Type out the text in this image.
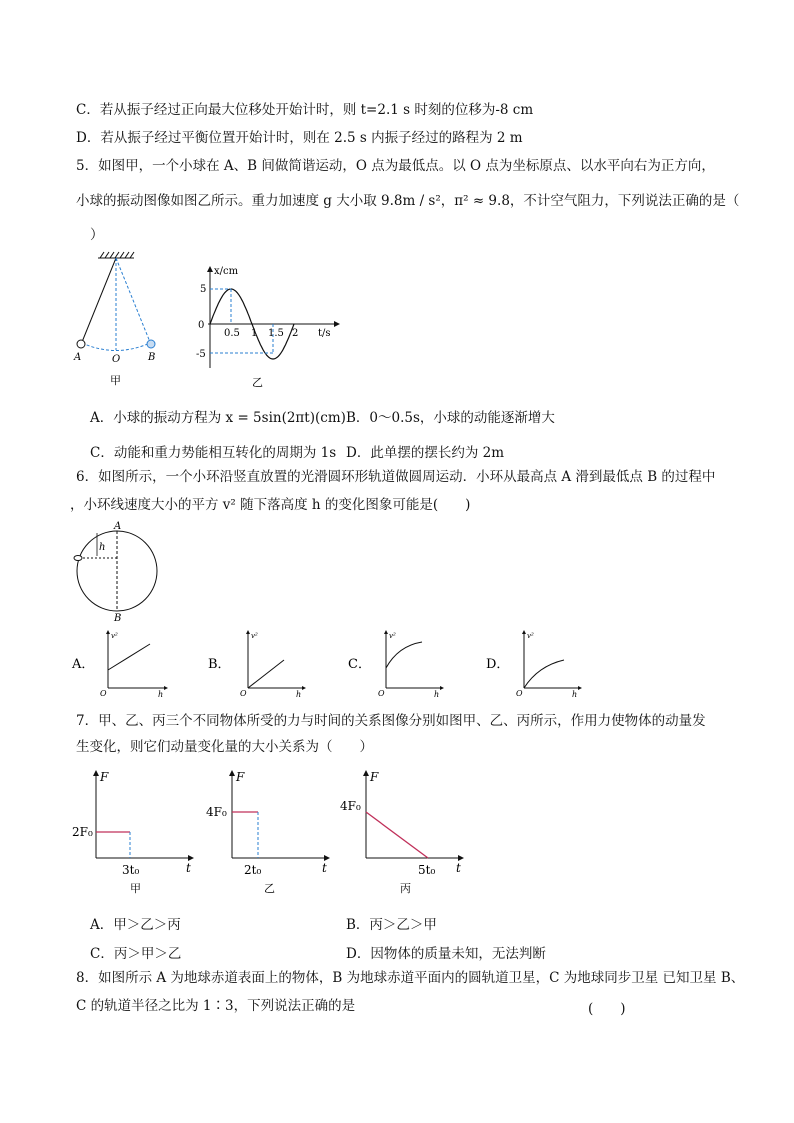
C．若从振子经过正向最大位移处开始计时，则 t=2.1 s 时刻的位移为-8 cm
D．若从振子经过平衡位置开始计时，则在 2.5 s 内振子经过的路程为 2 m
5．如图甲，一个小球在 A、B 间做简谐运动，O 点为最低点。以 O 点为坐标原点、以水平向右为正方向，
小球的振动图像如图乙所示。重力加速度 g 大小取 9.8m / s²，π² ≈ 9.8，不计空气阻力，下列说法正确的是（
）
A	O	B
甲
x/cm
t/s
0
5
-5
0.5 1 1.5 2
乙
A．小球的振动方程为 x = 5sin(2πt)(cm) B．0～0.5s，小球的动能逐渐增大
C．动能和重力势能相互转化的周期为 1s D．此单摆的摆长约为 2m
6．如图所示，一个小环沿竖直放置的光滑圆环形轨道做圆周运动．小环从最高点 A 滑到最低点 B 的过程中
，小环线速度大小的平方 v² 随下落高度 h 的变化图象可能是(　　)
A
B
h
A．
v²
h
O
B．
v²
h
O
C．
v²
h
O
D．
v²
h
O
7．甲、乙、丙三个不同物体所受的力与时间的关系图像分别如图甲、乙、丙所示，作用力使物体的动量发
生变化，则它们动量变化量的大小关系为（　　）
F
t
2F₀
3t₀
甲
F
t
4F₀
2t₀
乙
F
t
4F₀
5t₀
丙
A．甲＞乙＞丙	B．丙＞乙＞甲
C．丙＞甲＞乙	D．因物体的质量未知，无法判断
8．如图所示 A 为地球赤道表面上的物体，B 为地球赤道平面内的圆轨道卫星，C 为地球同步卫星 已知卫星 B、
C 的轨道半径之比为 1∶3，下列说法正确的是	(　　)
